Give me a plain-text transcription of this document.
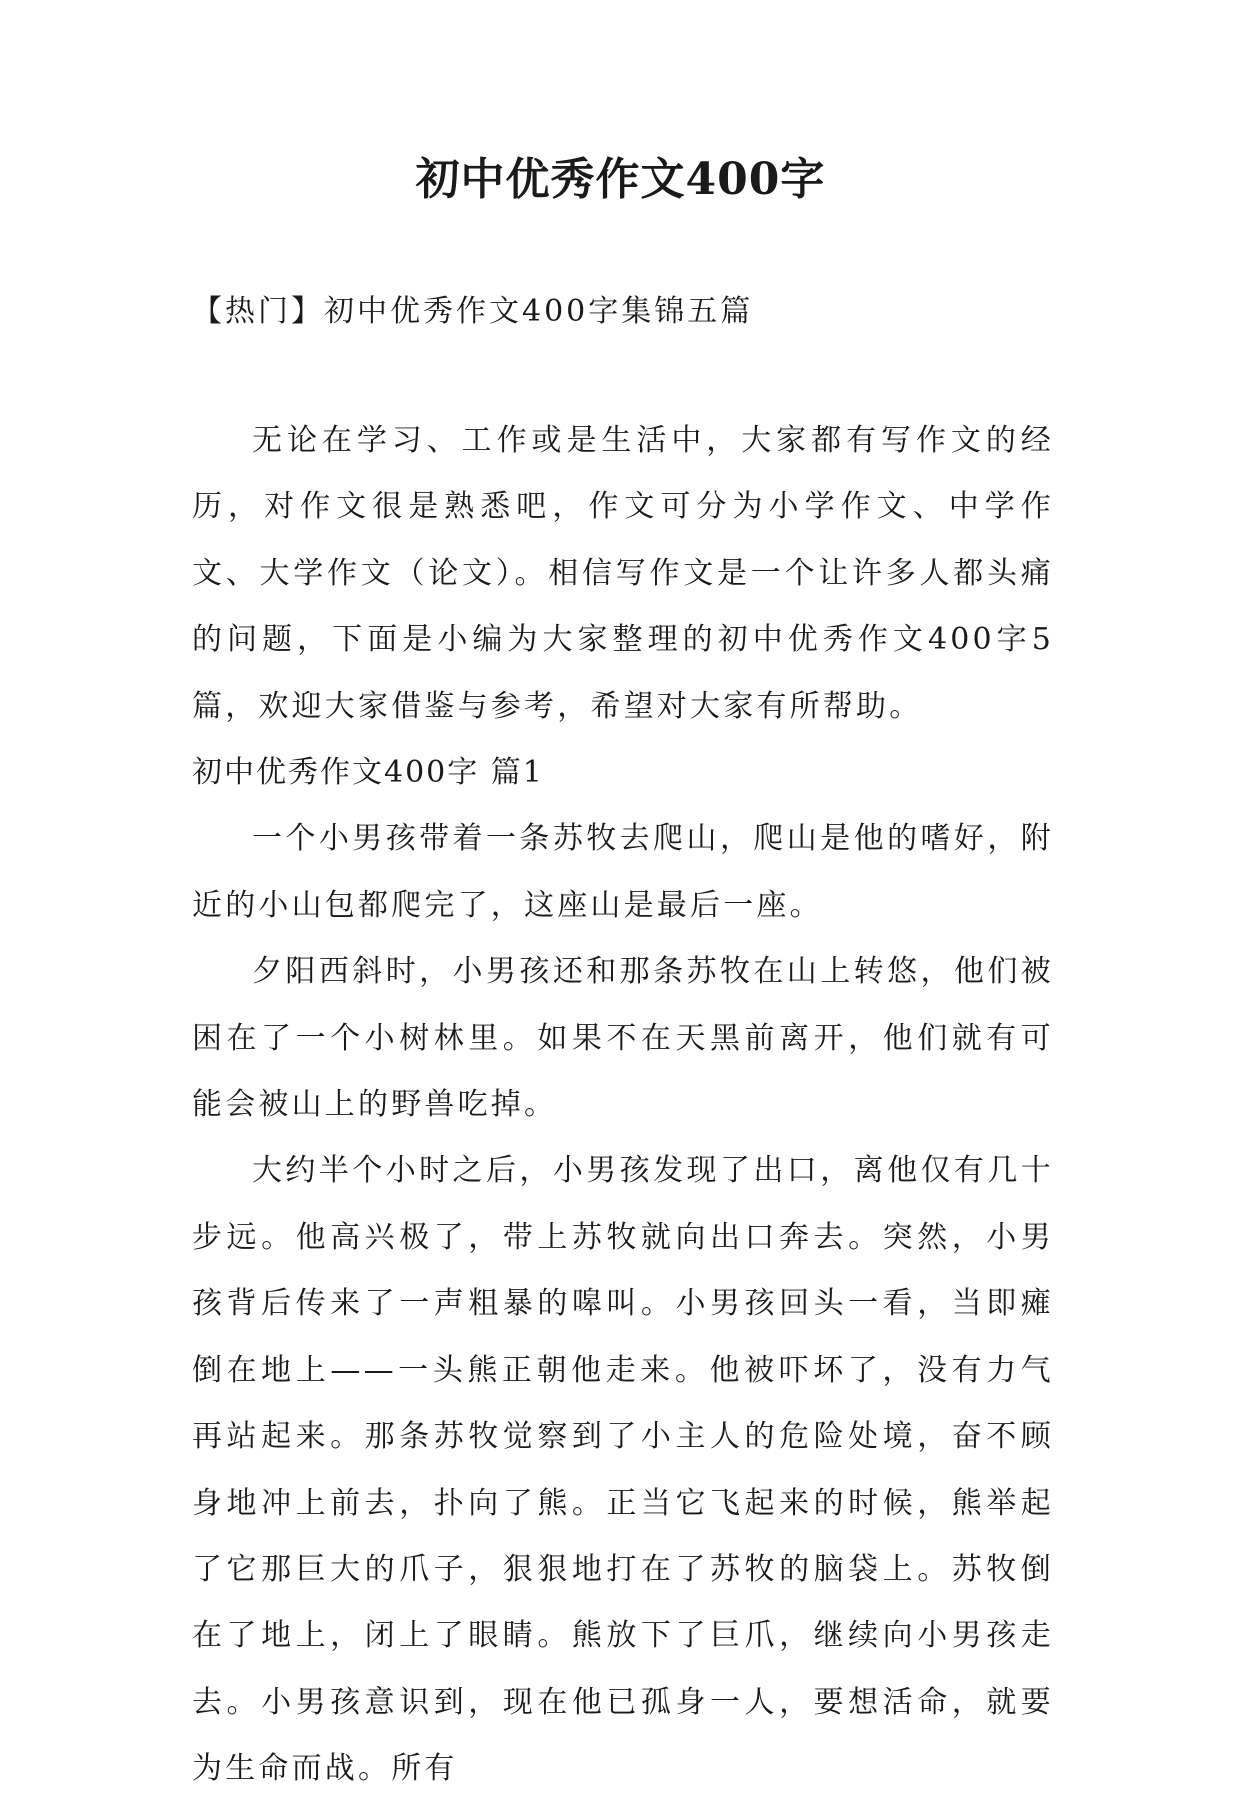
初中优秀作文400字
【热门】初中优秀作文400字集锦五篇

无论在学习、工作或是生活中，大家都有写作文的经历，对作文很是熟悉吧，作文可分为小学作文、中学作文、大学作文（论文）。相信写作文是一个让许多人都头痛的问题，下面是小编为大家整理的初中优秀作文400字5篇，欢迎大家借鉴与参考，希望对大家有所帮助。

初中优秀作文400字 篇1

一个小男孩带着一条苏牧去爬山，爬山是他的嗜好，附近的小山包都爬完了，这座山是最后一座。

夕阳西斜时，小男孩还和那条苏牧在山上转悠，他们被困在了一个小树林里。如果不在天黑前离开，他们就有可能会被山上的野兽吃掉。

大约半个小时之后，小男孩发现了出口，离他仅有几十步远。他高兴极了，带上苏牧就向出口奔去。突然，小男孩背后传来了一声粗暴的嗥叫。小男孩回头一看，当即瘫倒在地上——一头熊正朝他走来。他被吓坏了，没有力气再站起来。那条苏牧觉察到了小主人的危险处境，奋不顾身地冲上前去，扑向了熊。正当它飞起来的时候，熊举起了它那巨大的爪子，狠狠地打在了苏牧的脑袋上。苏牧倒在了地上，闭上了眼睛。熊放下了巨爪，继续向小男孩走去。小男孩意识到，现在他已孤身一人，要想活命，就要为生命而战。所有
